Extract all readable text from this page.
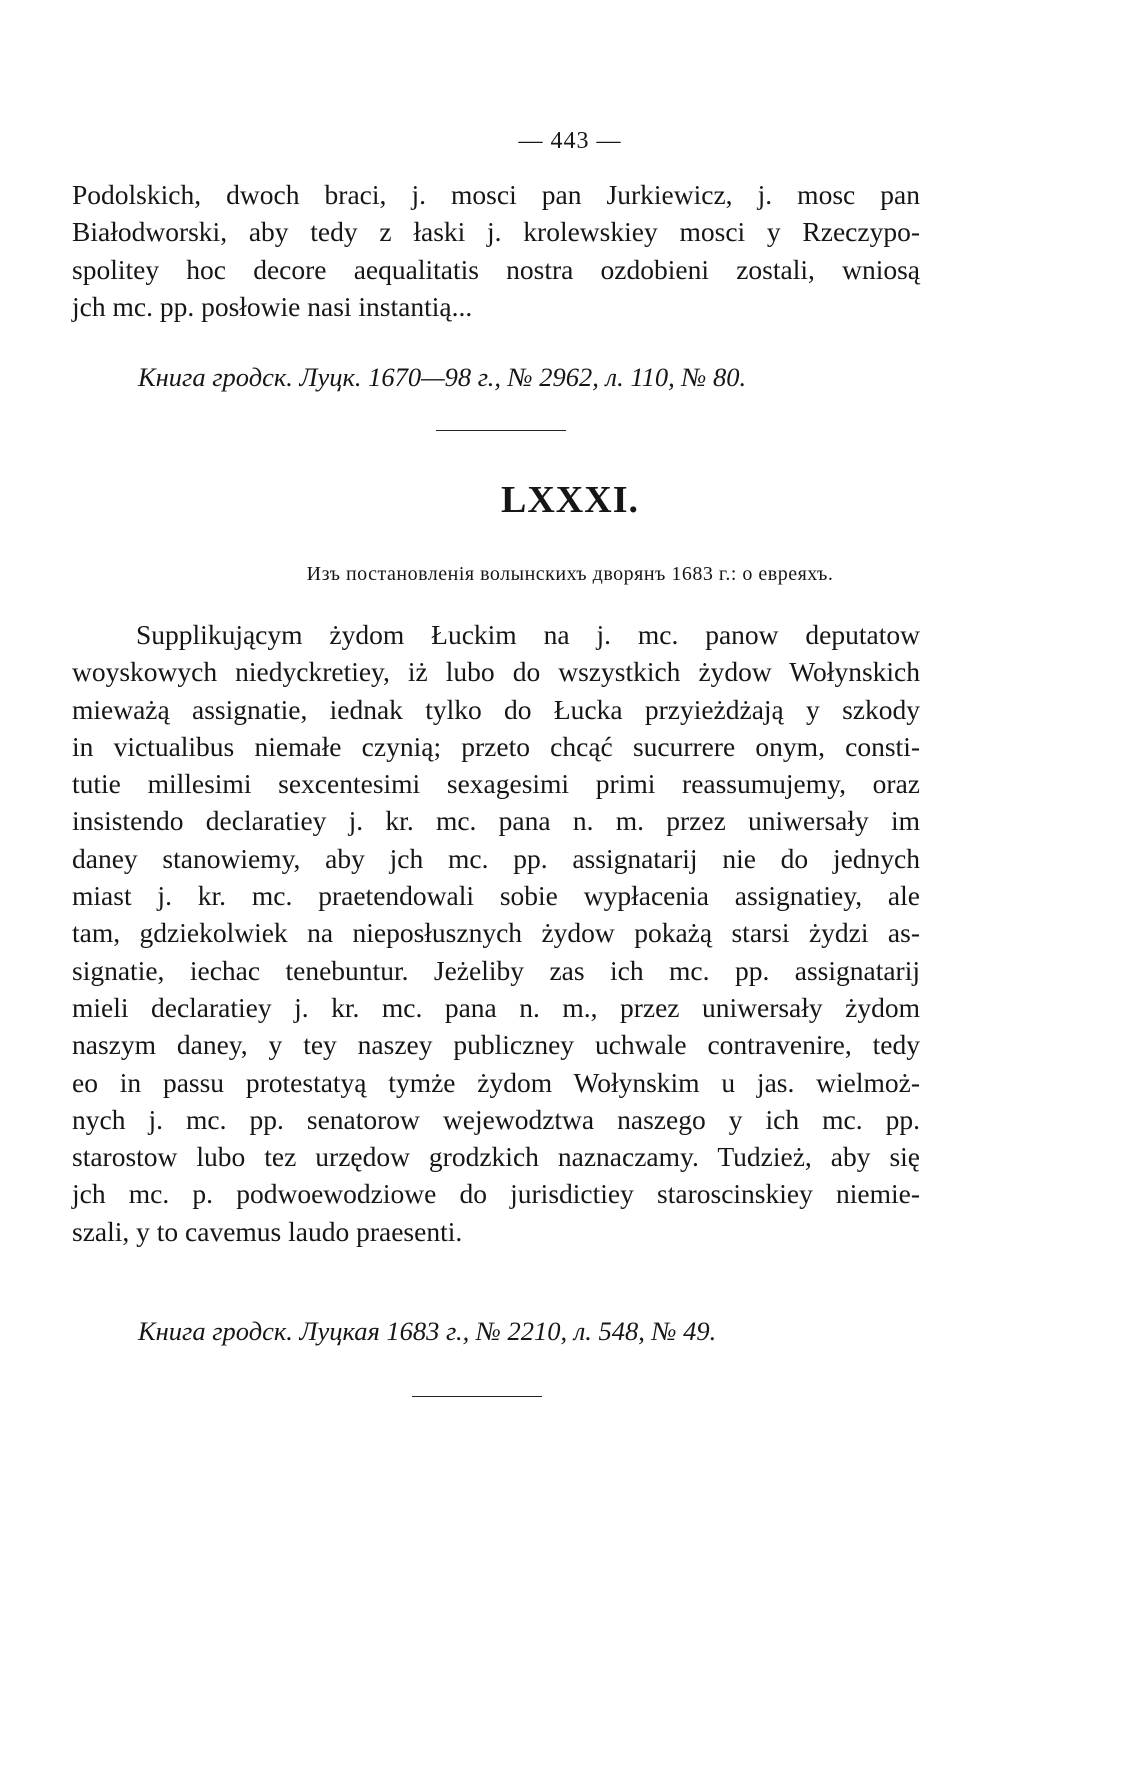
— 443 —
Podolskich, dwoch braci, j. mosci pan Jurkiewicz, j. mosc pan
Białodworski, aby tedy z łaski j. krolewskiey mosci y Rzeczypo-
spolitey hoc decore aequalitatis nostra ozdobieni zostali, wniosą
jch mc. pp. posłowie nasi instantią...
Книга гродск. Луцк. 1670—98 г., № 2962, л. 110, № 80.
LXXXI.
Изъ постановленія волынскихъ дворянъ 1683 г.: о евреяхъ.
Supplikującym żydom Łuckim na j. mc. panow deputatow
woyskowych niedyckretiey, iż lubo do wszystkich żydow Wołynskich
mieważą assignatie, iednak tylko do Łucka przyieżdżają y szkody
in victualibus niemałe czynią; przeto chcąć sucurrere onym, consti-
tutie millesimi sexcentesimi sexagesimi primi reassumujemy, oraz
insistendo declaratiey j. kr. mc. pana n. m. przez uniwersały im
daney stanowiemy, aby jch mc. pp. assignatarij nie do jednych
miast j. kr. mc. praetendowali sobie wypłacenia assignatiey, ale
tam, gdziekolwiek na nieposłusznych żydow pokażą starsi żydzi as-
signatie, iechac tenebuntur. Jeżeliby zas ich mc. pp. assignatarij
mieli declaratiey j. kr. mc. pana n. m., przez uniwersały żydom
naszym daney, y tey naszey publiczney uchwale contravenire, tedy
eo in passu protestatyą tymże żydom Wołynskim u jas. wielmoż-
nych j. mc. pp. senatorow wejewodztwa naszego y ich mc. pp.
starostow lubo tez urzędow grodzkich naznaczamy. Tudzież, aby się
jch mc. p. podwoewodziowe do jurisdictiey staroscinskiey niemie-
szali, y to cavemus laudo praesenti.
Книга гродск. Луцкая 1683 г., № 2210, л. 548, № 49.
